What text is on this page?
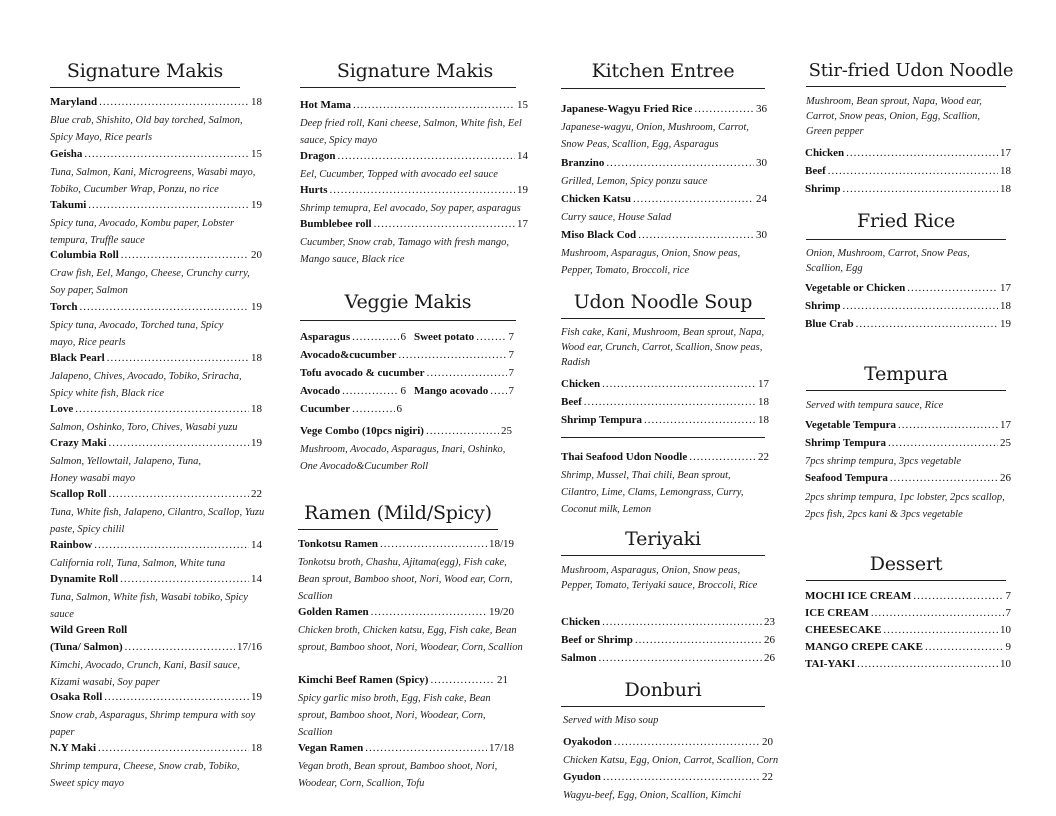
Signature Makis
Maryland .....	18
Blue crab, Shishito, Old bay torched, Salmon, Spicy Mayo, Rice pearls
Geisha .....	15
Tuna, Salmon, Kani, Microgreens, Wasabi mayo, Tobiko, Cucumber Wrap, Ponzu, no rice
Takumi .....	19
Spicy tuna, Avocado, Kombu paper, Lobster tempura, Truffle sauce
Columbia Roll .....	20
Craw fish, Eel, Mango, Cheese, Crunchy curry, Soy paper, Salmon
Torch .....	19
Spicy tuna, Avocado, Torched tuna, Spicy mayo, Rice pearls
Black Pearl .....	18
Jalapeno, Chives, Avocado, Tobiko, Sriracha, Spicy white fish, Black rice
Love .....	18
Salmon, Oshinko, Toro, Chives, Wasabi yuzu
Crazy Maki .....	19
Salmon, Yellowtail, Jalapeno, Tuna, Honey wasabi mayo
Scallop Roll .....	22
Tuna, White fish, Jalapeno, Cilantro, Scallop, Yuzu paste, Spicy chilil
Rainbow .....	14
California roll, Tuna, Salmon, White tuna
Dynamite Roll .....	14
Tuna, Salmon, White fish, Wasabi tobiko, Spicy sauce
Wild Green Roll
(Tuna/ Salmon) .....	17/16
Kimchi, Avocado, Crunch, Kani, Basil sauce, Kizami wasabi, Soy paper
Osaka Roll .....	19
Snow crab, Asparagus, Shrimp tempura with soy paper
N.Y Maki .....	18
Shrimp tempura, Cheese, Snow crab, Tobiko, Sweet spicy mayo
Signature Makis
Hot Mama .....	15
Deep fried roll, Kani cheese, Salmon, White fish, Eel sauce, Spicy mayo
Dragon .....	14
Eel, Cucumber, Topped with avocado eel sauce
Hurts .....	19
Shrimp temupra, Eel avocado, Soy paper, asparagus
Bumblebee roll .....	17
Cucumber, Snow crab, Tamago with fresh mango, Mango sauce, Black rice
Veggie Makis
Asparagus .....	6 Sweet potato .....	7
Avocado&cucumber .....	7
Tofu avocado & cucumber .....	7
Avocado .....	6 Mango acovado ..... 7
Cucumber .....	6
Vege Combo (10pcs nigiri) .....	25
Mushroom, Avocado, Asparagus, Inari, Oshinko, One Avocado&Cucumber Roll
Ramen (Mild/Spicy)
Tonkotsu Ramen .....	18/19
Tonkotsu broth, Chashu, Ajitama(egg), Fish cake, Bean sprout, Bamboo shoot, Nori, Wood ear, Corn, Scallion
Golden Ramen .....	19/20
Chicken broth, Chicken katsu, Egg, Fish cake, Bean sprout, Bamboo shoot, Nori, Woodear, Corn, Scallion
Kimchi Beef Ramen (Spicy) .....	21
Spicy garlic miso broth, Egg, Fish cake, Bean sprout, Bamboo shoot, Nori, Woodear, Corn, Scallion
Vegan Ramen .....	17/18
Vegan broth, Bean sprout, Bamboo shoot, Nori, Woodear, Corn, Scallion, Tofu
Kitchen Entree
Japanese-Wagyu Fried Rice .....	36
Japanese-wagyu, Onion, Mushroom, Carrot, Snow Peas, Scallion, Egg, Asparagus
Branzino .....	30
Grilled, Lemon, Spicy ponzu sauce
Chicken Katsu .....	24
Curry sauce, House Salad
Miso Black Cod .....	30
Mushroom, Asparagus, Onion, Snow peas, Pepper, Tomato, Broccoli, rice
Udon Noodle Soup
Fish cake, Kani, Mushroom, Bean sprout, Napa, Wood ear, Crunch, Carrot, Scallion, Snow peas, Radish
Chicken .....	17
Beef .....	18
Shrimp Tempura .....	18
Thai Seafood Udon Noodle .....	22
Shrimp, Mussel, Thai chili, Bean sprout, Cilantro, Lime, Clams, Lemongrass, Curry, Coconut milk, Lemon
Teriyaki
Mushroom, Asparagus, Onion, Snow peas, Pepper, Tomato, Teriyaki sauce, Broccoli, Rice
Chicken .....	23
Beef or Shrimp .....	26
Salmon .....	26
Donburi
Served with Miso soup
Oyakodon .....	20
Chicken Katsu, Egg, Onion, Carrot, Scallion, Corn
Gyudon .....	22
Wagyu-beef, Egg, Onion, Scallion, Kimchi
Stir-fried Udon Noodle
Mushroom, Bean sprout, Napa, Wood ear, Carrot, Snow peas, Onion, Egg, Scallion, Green pepper
Chicken .....	17
Beef .....	18
Shrimp .....	18
Fried Rice
Onion, Mushroom, Carrot, Snow Peas, Scallion, Egg
Vegetable or Chicken .....	17
Shrimp .....	18
Blue Crab .....	19
Tempura
Served with tempura sauce, Rice
Vegetable Tempura .....	17
Shrimp Tempura .....	25
7pcs shrimp tempura, 3pcs vegetable
Seafood Tempura .....	26
2pcs shrimp tempura, 1pc lobster, 2pcs scallop, 2pcs fish, 2pcs kani & 3pcs vegetable
Dessert
MOCHI ICE CREAM .....	7
ICE CREAM .....	7
CHEESECAKE .....	10
MANGO CREPE CAKE .....	9
TAI-YAKI .....	10
